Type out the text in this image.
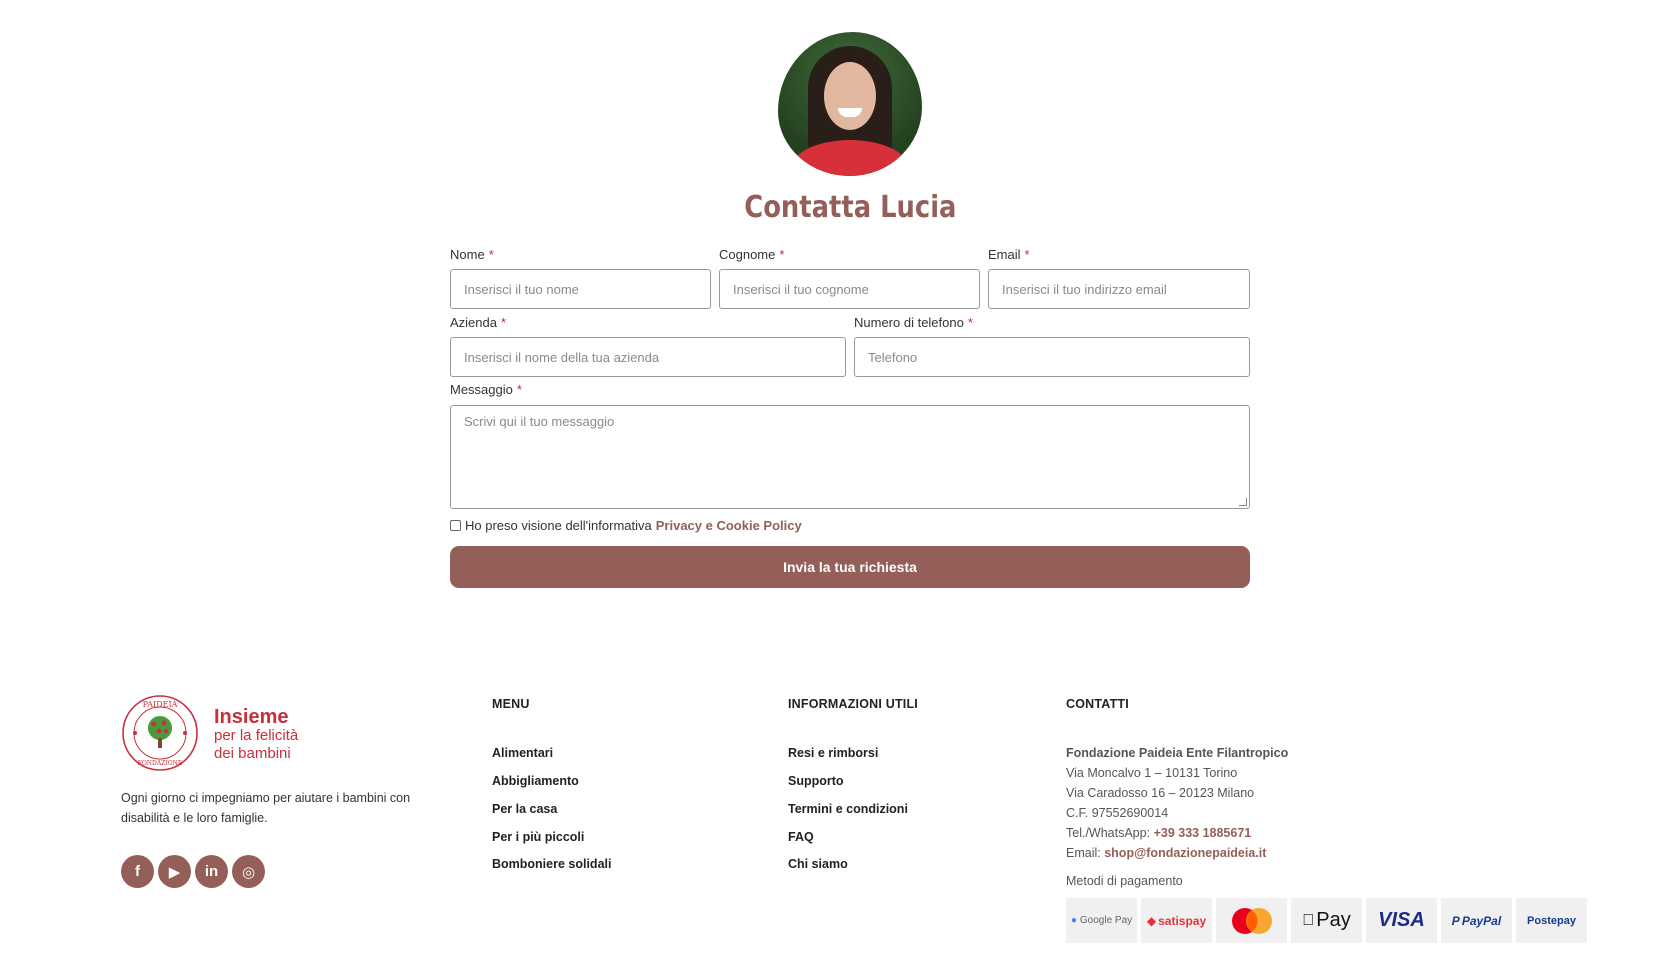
Contatta Lucia
Nome *	Cognome *	Email *
Inserisci il tuo nome	Inserisci il tuo cognome	Inserisci il tuo indirizzo email
Azienda *	Numero di telefono *
Inserisci il nome della tua azienda	Telefono
Messaggio *
Scrivi qui il tuo messaggio
Ho preso visione dell'informativa Privacy e Cookie Policy
Invia la tua richiesta
PAIDEIA
FONDAZIONE
Insieme
per la felicità
dei bambini
Ogni giorno ci impegniamo per aiutare i bambini con disabilità e le loro famiglie.
f	▶	in	◎
MENU
Alimentari
Abbigliamento
Per la casa
Per i più piccoli
Bomboniere solidali
INFORMAZIONI UTILI
Resi e rimborsi
Supporto
Termini e condizioni
FAQ
Chi siamo
CONTATTI
Fondazione Paideia Ente Filantropico
Via Moncalvo 1 – 10131 Torino
Via Caradosso 16 – 20123 Milano
C.F. 97552690014
Tel./WhatsApp: +39 333 1885671
Email: shop@fondazionepaideia.it
Metodi di pagamento
● Google Pay ◆ satispay	Pay	VISA	P PayPal	Postepay
